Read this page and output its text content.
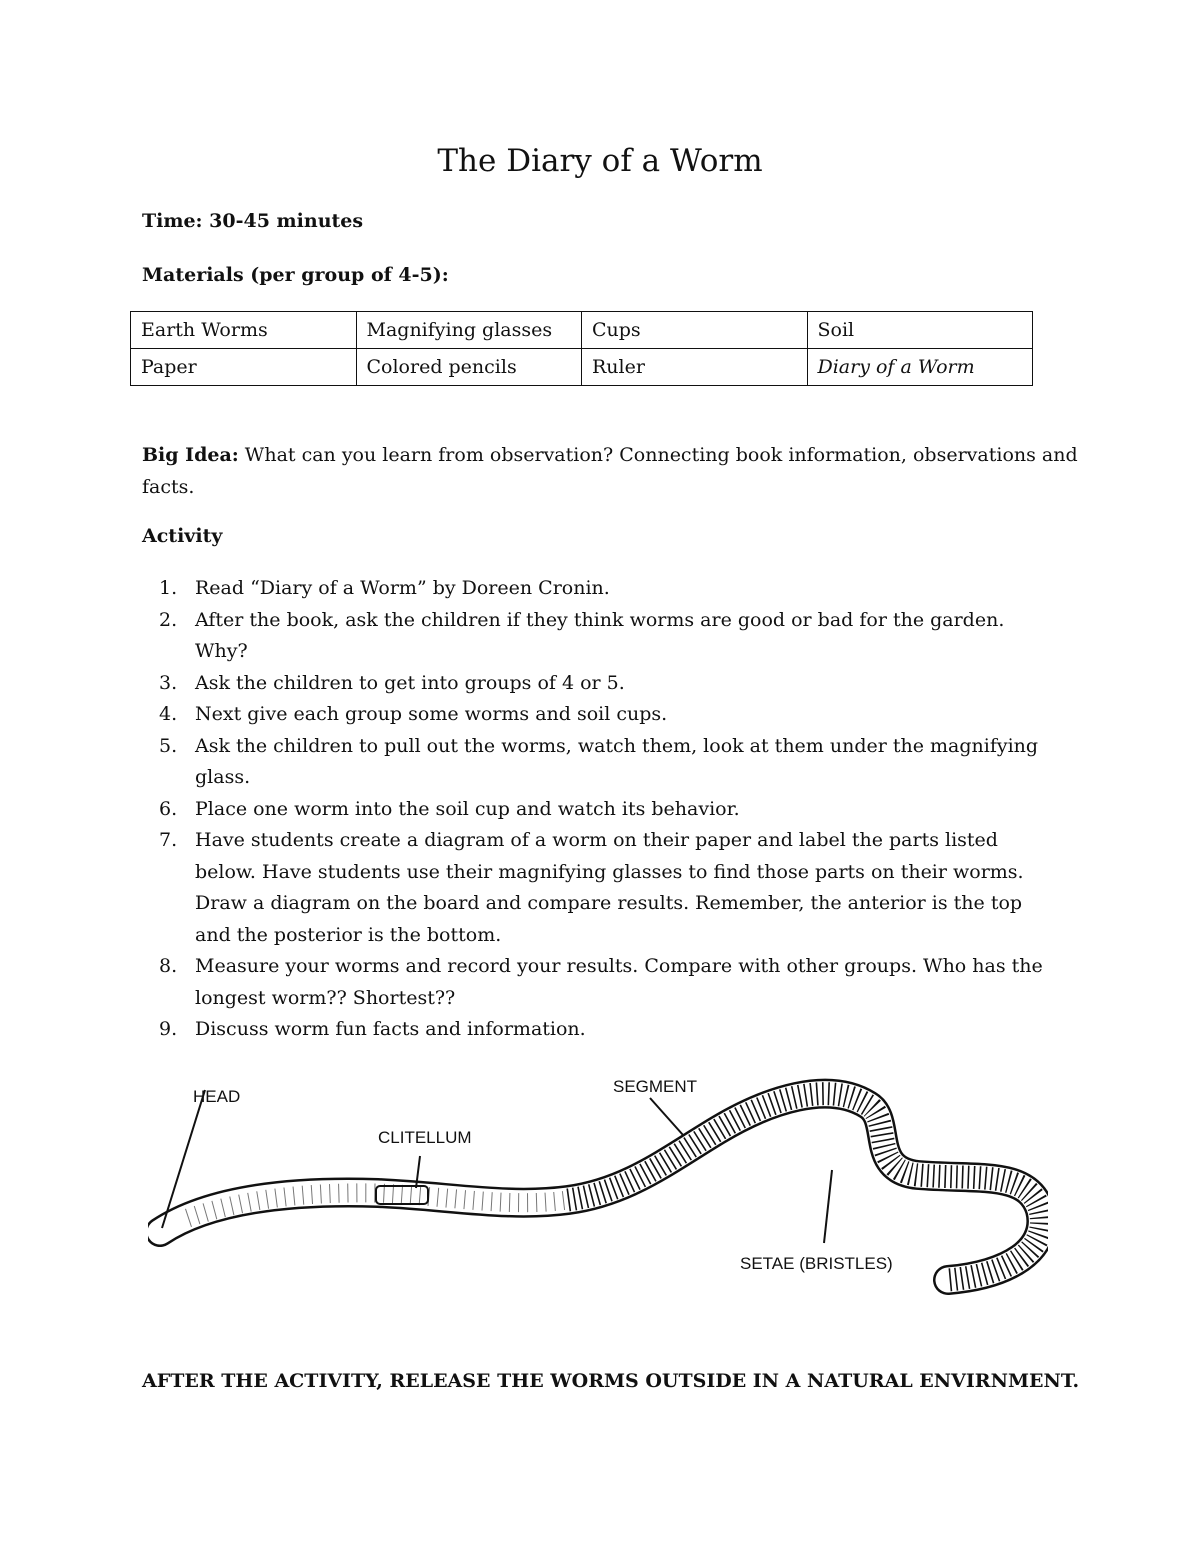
The Diary of a Worm

Time: 30-45 minutes

Materials (per group of 4-5):

Earth Worms	Magnifying glasses	Cups	Soil
Paper	Colored pencils	Ruler	Diary of a Worm

Big Idea: What can you learn from observation? Connecting book information, observations and facts.

Activity

1. Read “Diary of a Worm” by Doreen Cronin.
2. After the book, ask the children if they think worms are good or bad for the garden. Why?
3. Ask the children to get into groups of 4 or 5.
4. Next give each group some worms and soil cups.
5. Ask the children to pull out the worms, watch them, look at them under the magnifying glass.
6. Place one worm into the soil cup and watch its behavior.
7. Have students create a diagram of a worm on their paper and label the parts listed below. Have students use their magnifying glasses to find those parts on their worms. Draw a diagram on the board and compare results. Remember, the anterior is the top and the posterior is the bottom.
8. Measure your worms and record your results. Compare with other groups. Who has the longest worm?? Shortest??
9. Discuss worm fun facts and information.
HEAD
CLITELLUM
SEGMENT
SETAE (BRISTLES)

AFTER THE ACTIVITY, RELEASE THE WORMS OUTSIDE IN A NATURAL ENVIRNMENT.
